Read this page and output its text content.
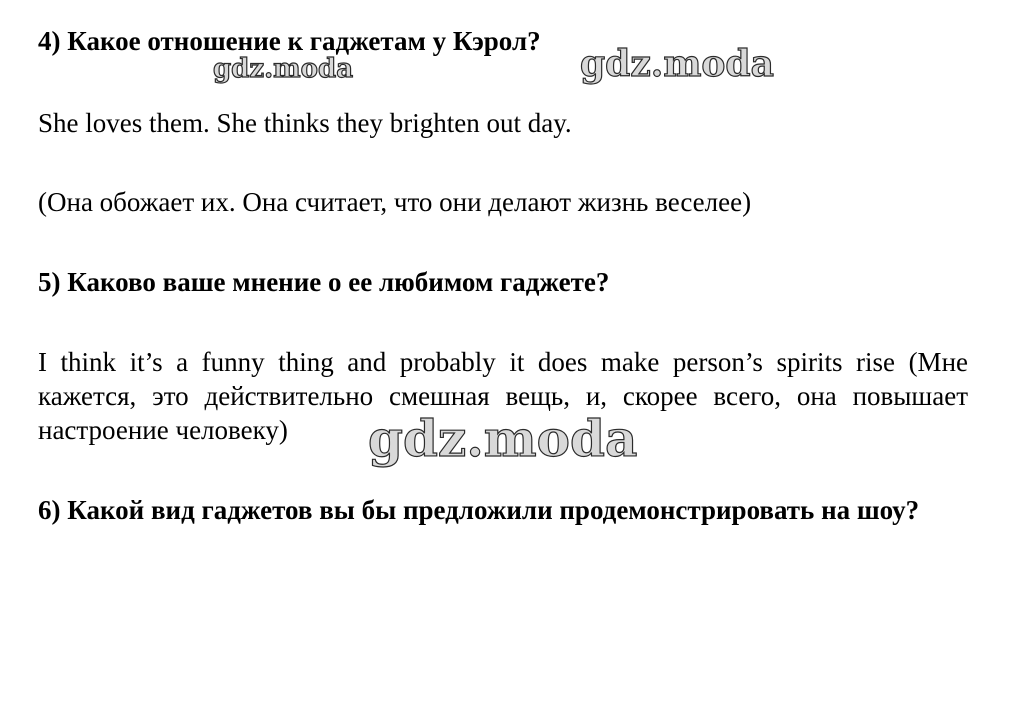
4) Какое отношение к гаджетам у Кэрол?

She loves them. She thinks they brighten out day.

(Она обожает их. Она считает, что они делают жизнь веселее)

5) Каково ваше мнение о ее любимом гаджете?

I think it’s a funny thing and probably it does make person’s spirits rise (Мне кажется, это действительно смешная вещь, и, скорее всего, она повышает настроение человеку)

6) Какой вид гаджетов вы бы предложили продемонстрировать на шоу?

gdz.moda	gdz.moda
gdz.moda
